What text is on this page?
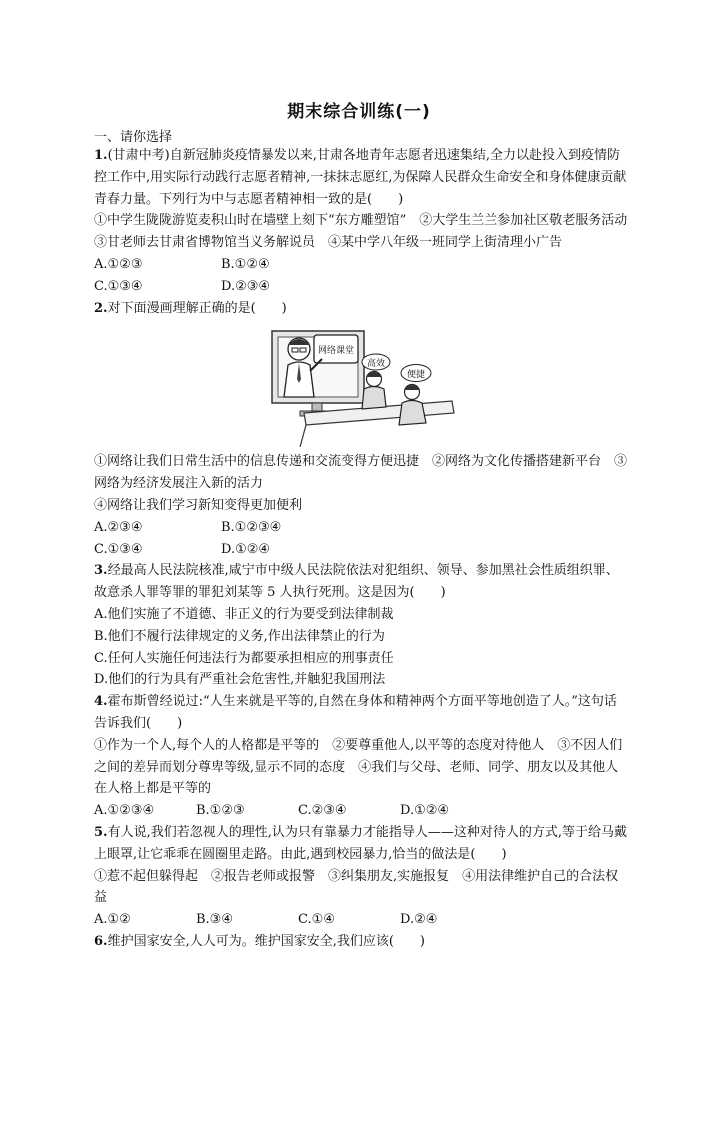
期末综合训练(一)
一、请你选择
1.(甘肃中考)自新冠肺炎疫情暴发以来,甘肃各地青年志愿者迅速集结,全力以赴投入到疫情防控工作中,用实际行动践行志愿者精神,一抹抹志愿红,为保障人民群众生命安全和身体健康贡献青春力量。下列行为中与志愿者精神相一致的是(　　)
①中学生陇陇游览麦积山时在墙壁上刻下“东方雕塑馆”　②大学生兰兰参加社区敬老服务活动　③甘老师去甘肃省博物馆当义务解说员　④某中学八年级一班同学上街清理小广告
A.①②③	B.①②④
C.①③④	D.②③④
2.对下面漫画理解正确的是(　　)
网络课堂
高效
便捷
①网络让我们日常生活中的信息传递和交流变得方便迅捷　②网络为文化传播搭建新平台　③网络为经济发展注入新的活力
④网络让我们学习新知变得更加便利
A.②③④	B.①②③④
C.①③④	D.①②④
3.经最高人民法院核准,咸宁市中级人民法院依法对犯组织、领导、参加黑社会性质组织罪、故意杀人罪等罪的罪犯刘某等 5 人执行死刑。这是因为(　　)
A.他们实施了不道德、非正义的行为要受到法律制裁
B.他们不履行法律规定的义务,作出法律禁止的行为
C.任何人实施任何违法行为都要承担相应的刑事责任
D.他们的行为具有严重社会危害性,并触犯我国刑法
4.霍布斯曾经说过:“人生来就是平等的,自然在身体和精神两个方面平等地创造了人。”这句话告诉我们(　　)
①作为一个人,每个人的人格都是平等的　②要尊重他人,以平等的态度对待他人　③不因人们之间的差异而划分尊卑等级,显示不同的态度　④我们与父母、老师、同学、朋友以及其他人在人格上都是平等的
A.①②③④	B.①②③	C.②③④	D.①②④
5.有人说,我们若忽视人的理性,认为只有靠暴力才能指导人——这种对待人的方式,等于给马戴上眼罩,让它乖乖在圆圈里走路。由此,遇到校园暴力,恰当的做法是(　　)
①惹不起但躲得起　②报告老师或报警　③纠集朋友,实施报复　④用法律维护自己的合法权益
A.①②	B.③④	C.①④	D.②④
6.维护国家安全,人人可为。维护国家安全,我们应该(　　)
